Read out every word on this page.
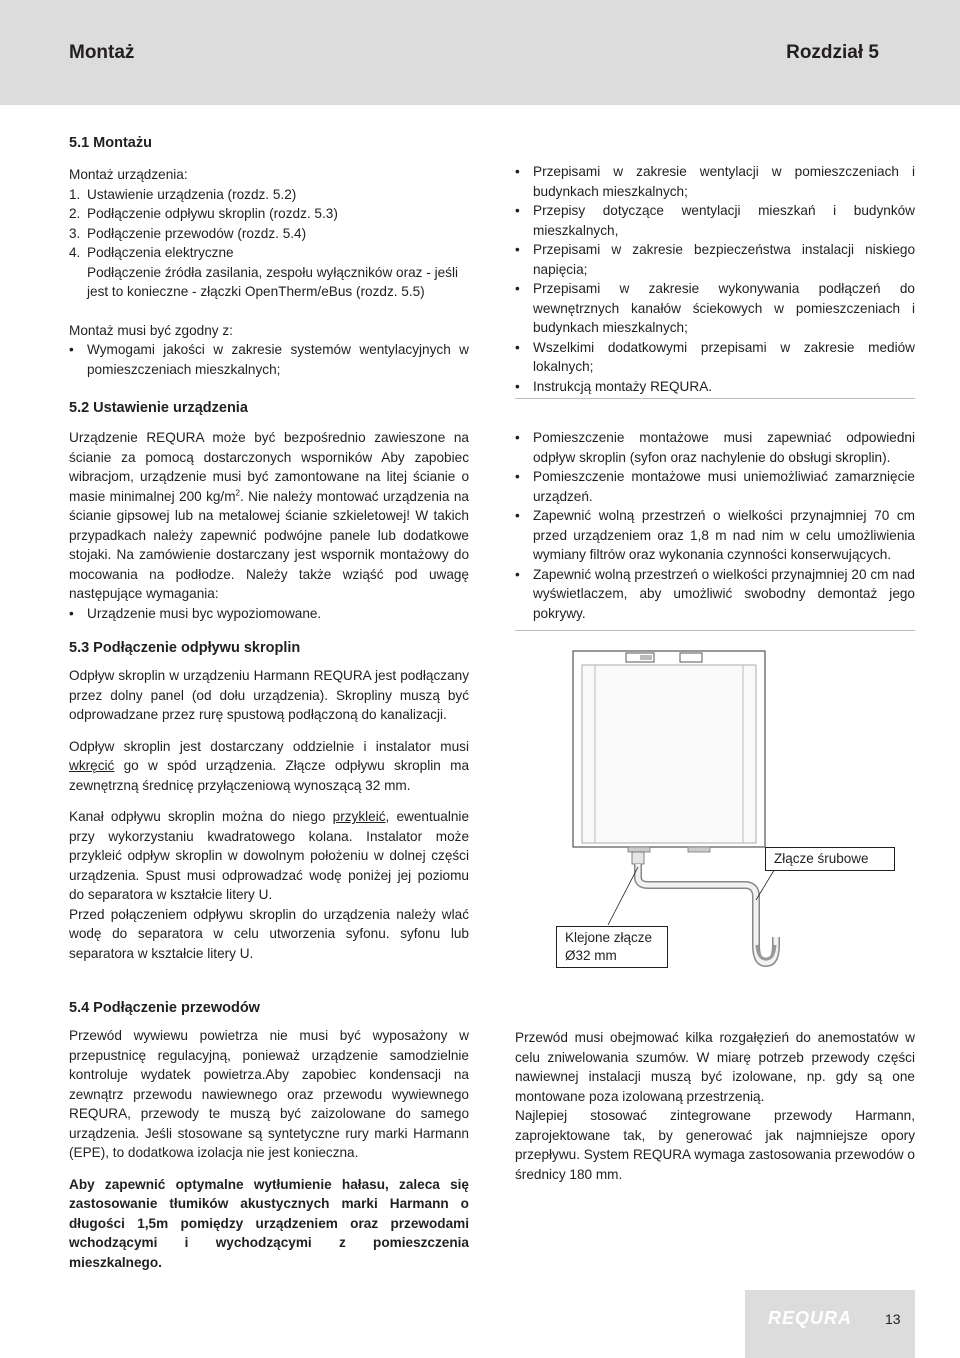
Montaż	Rozdział 5
5.1 Montażu
Montaż urządzenia:
1. Ustawienie urządzenia (rozdz. 5.2)
2. Podłączenie odpływu skroplin (rozdz. 5.3)
3. Podłączenie przewodów (rozdz. 5.4)
4. Podłączenia elektryczne
Podłączenie źródła zasilania, zespołu wyłączników oraz - jeśli jest to konieczne - złączki OpenTherm/eBus (rozdz. 5.5)
Montaż musi być zgodny z:
• Wymogami jakości w zakresie systemów wentylacyjnych w pomieszczeniach mieszkalnych;
• Przepisami w zakresie wentylacji w pomieszczeniach i budynkach mieszkalnych;
• Przepisy dotyczące wentylacji mieszkań i budynków mieszkalnych,
• Przepisami w zakresie bezpieczeństwa instalacji niskiego napięcia;
• Przepisami w zakresie wykonywania podłączeń do wewnętrznych kanałów ściekowych w pomieszczeniach i budynkach mieszkalnych;
• Wszelkimi dodatkowymi przepisami w zakresie mediów lokalnych;
• Instrukcją montaży REQURA.
5.2 Ustawienie urządzenia

Urządzenie REQURA może być bezpośrednio zawieszone na ścianie za pomocą dostarczonych wsporników Aby zapobiec wibracjom, urządzenie musi być zamontowane na litej ścianie o masie minimalnej 200 $kg/m^2$. Nie należy montować urządzenia na ścianie gipsowej lub na metalowej ścianie szkieletowej! W takich przypadkach należy zapewnić podwójne panele lub dodatkowe stojaki. Na zamówienie dostarczany jest wspornik montażowy do mocowania na podłodze. Należy także wziąść pod uwagę następujące wymagania:

• Urządzenie musi byc wypoziomowane.
• Pomieszczenie montażowe musi zapewniać odpowiedni odpływ skroplin (syfon oraz nachylenie do obsługi skroplin).
• Pomieszczenie montażowe musi uniemożliwiać zamarznięcie urządzeń.
• Zapewnić wolną przestrzeń o wielkości przynajmniej 70 cm przed urządzeniem oraz 1,8 m nad nim w celu umożliwienia wymiany filtrów oraz wykonania czynności konserwujących.
• Zapewnić wolną przestrzeń o wielkości przynajmniej 20 cm nad wyświetlaczem, aby umożliwić swobodny demontaż jego pokrywy.
5.3 Podłączenie odpływu skroplin

Odpływ skroplin w urządzeniu Harmann REQURA jest podłączany przez dolny panel (od dołu urządzenia). Skropliny muszą być odprowadzane przez rurę spustową podłączoną do kanalizacji.

Odpływ skroplin jest dostarczany oddzielnie i instalator musi wkręcić go w spód urządzenia. Złącze odpływu skroplin ma zewnętrzną średnicę przyłączeniową wynoszącą 32 mm.

Kanał odpływu skroplin można do niego przykleić, ewentualnie przy wykorzystaniu kwadratowego kolana. Instalator może przykleić odpływ skroplin w dowolnym położeniu w dolnej części urządzenia. Spust musi odprowadzać wodę poniżej jej poziomu do separatora w kształcie litery U.

Przed połączeniem odpływu skroplin do urządzenia należy wlać wodę do separatora w celu utworzenia syfonu. syfonu lub separatora w kształcie litery U.

Złącze śrubowe
Klejone złącze
Ø32 mm
5.4 Podłączenie przewodów

Przewód wywiewu powietrza nie musi być wyposażony w przepustnicę regulacyjną, ponieważ urządzenie samodzielnie kontroluje wydatek powietrza.Aby zapobiec kondensacji na zewnątrz przewodu nawiewnego oraz przewodu wywiewnego REQURA, przewody te muszą być zaizolowane do samego urządzenia. Jeśli stosowane są syntetyczne rury marki Harmann (EPE), to dodatkowa izolacja nie jest konieczna.

Aby zapewnić optymalne wytłumienie hałasu, zaleca się zastosowanie tłumików akustycznych marki Harmann o długości 1,5m pomiędzy urządzeniem oraz przewodami wchodzącymi i wychodzącymi z pomieszczenia mieszkalnego.

Przewód musi obejmować kilka rozgałęzień do anemostatów w celu zniwelowania szumów. W miarę potrzeb przewody części nawiewnej instalacji muszą być izolowane, np. gdy są one montowane poza izolowaną przestrzenią.

Najlepiej stosować zintegrowane przewody Harmann, zaprojektowane tak, by generować jak najmniejsze opory przepływu. System REQURA wymaga zastosowania przewodów o średnicy 180 mm.

REQURA 13
